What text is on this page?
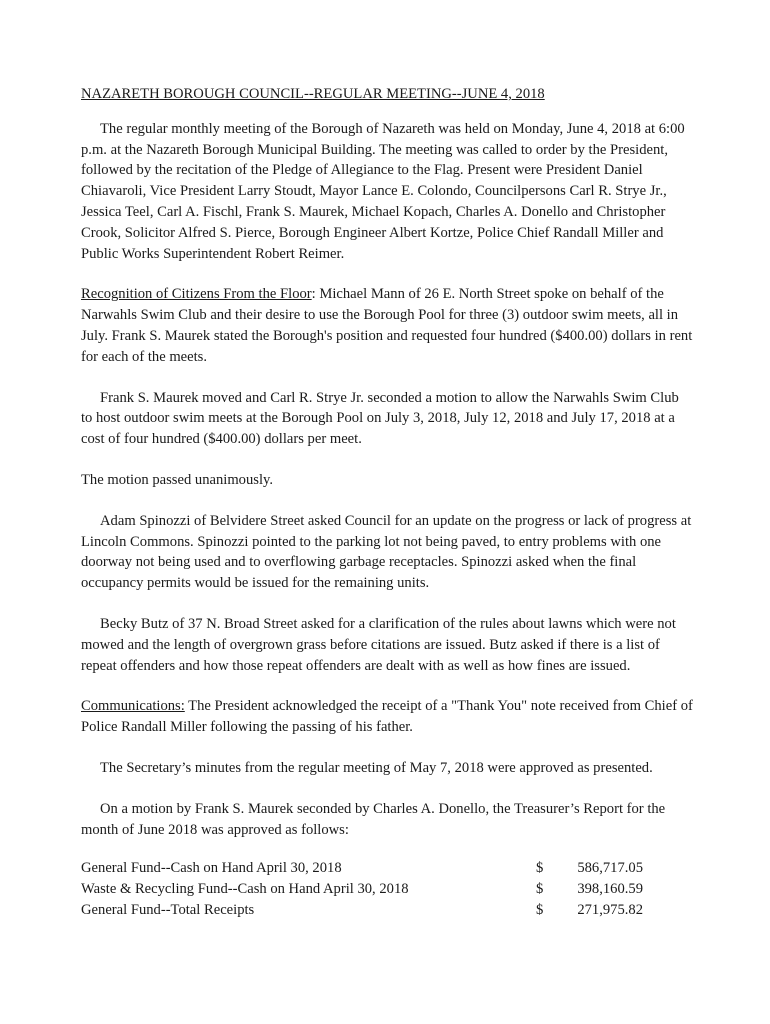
NAZARETH BOROUGH COUNCIL--REGULAR MEETING--JUNE 4, 2018

The regular monthly meeting of the Borough of Nazareth was held on Monday, June 4, 2018 at 6:00 p.m. at the Nazareth Borough Municipal Building. The meeting was called to order by the President, followed by the recitation of the Pledge of Allegiance to the Flag. Present were President Daniel Chiavaroli, Vice President Larry Stoudt, Mayor Lance E. Colondo, Councilpersons Carl R. Strye Jr., Jessica Teel, Carl A. Fischl, Frank S. Maurek, Michael Kopach, Charles A. Donello and Christopher Crook, Solicitor Alfred S. Pierce, Borough Engineer Albert Kortze, Police Chief Randall Miller and Public Works Superintendent Robert Reimer.

Recognition of Citizens From the Floor: Michael Mann of 26 E. North Street spoke on behalf of the Narwahls Swim Club and their desire to use the Borough Pool for three (3) outdoor swim meets, all in July. Frank S. Maurek stated the Borough's position and requested four hundred ($400.00) dollars in rent for each of the meets.

Frank S. Maurek moved and Carl R. Strye Jr. seconded a motion to allow the Narwahls Swim Club to host outdoor swim meets at the Borough Pool on July 3, 2018, July 12, 2018 and July 17, 2018 at a cost of four hundred ($400.00) dollars per meet.

The motion passed unanimously.

Adam Spinozzi of Belvidere Street asked Council for an update on the progress or lack of progress at Lincoln Commons. Spinozzi pointed to the parking lot not being paved, to entry problems with one doorway not being used and to overflowing garbage receptacles. Spinozzi asked when the final occupancy permits would be issued for the remaining units.

Becky Butz of 37 N. Broad Street asked for a clarification of the rules about lawns which were not mowed and the length of overgrown grass before citations are issued. Butz asked if there is a list of repeat offenders and how those repeat offenders are dealt with as well as how fines are issued.

Communications: The President acknowledged the receipt of a "Thank You" note received from Chief of Police Randall Miller following the passing of his father.

The Secretary’s minutes from the regular meeting of May 7, 2018 were approved as presented.

On a motion by Frank S. Maurek seconded by Charles A. Donello, the Treasurer’s Report for the month of June 2018 was approved as follows:

General Fund--Cash on Hand April 30, 2018	$	586,717.05
Waste & Recycling Fund--Cash on Hand April 30, 2018	$	398,160.59
General Fund--Total Receipts	$	271,975.82
